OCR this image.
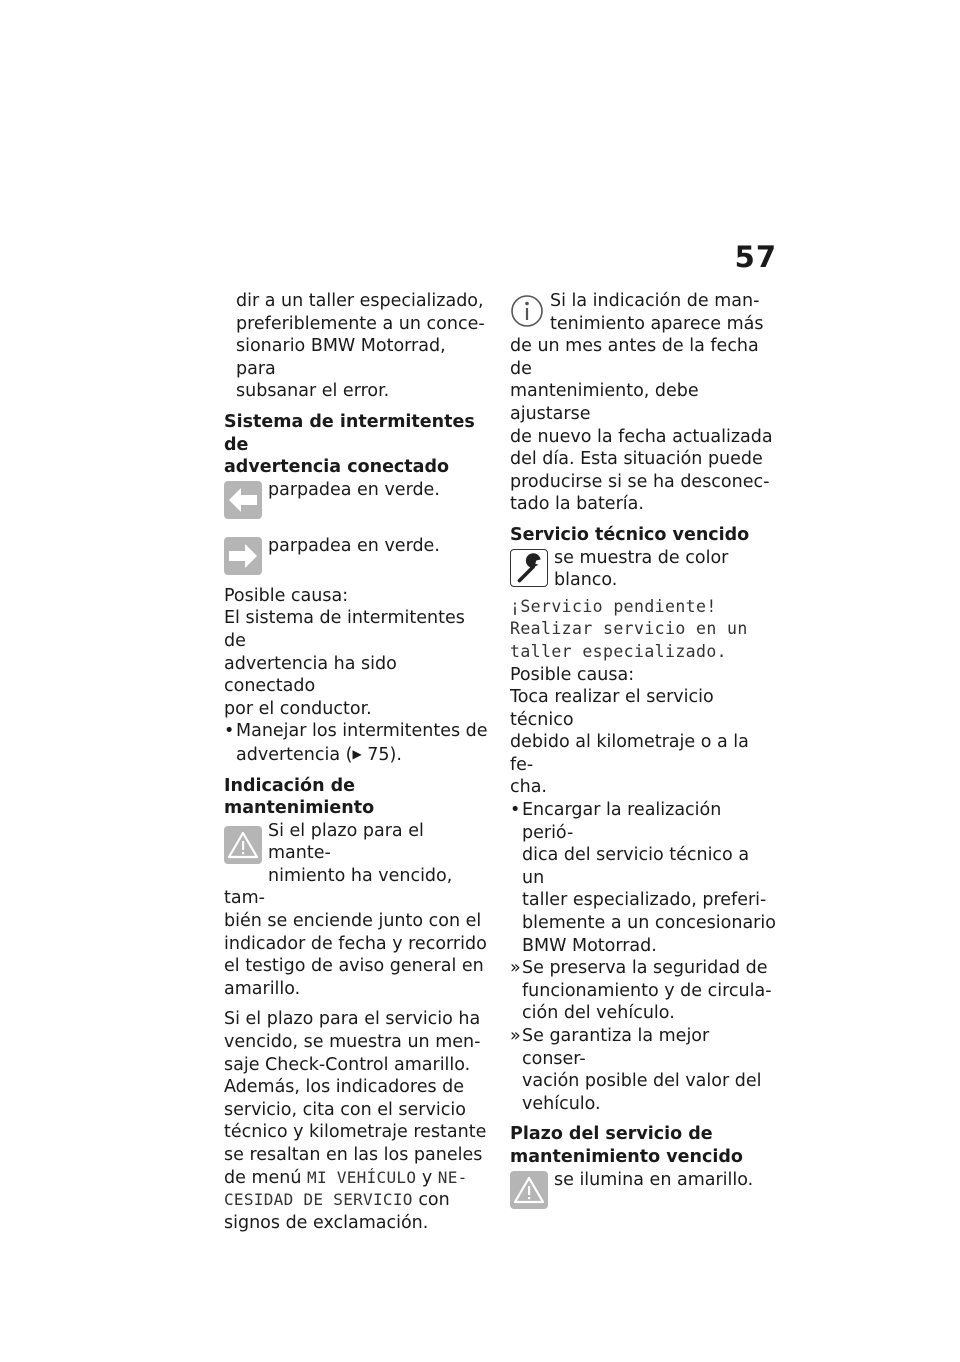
57

dir a un taller especializado,
preferiblemente a un conce-
sionario BMW Motorrad, para
subsanar el error.

Sistema de intermitentes de
advertencia conectado
parpadea en verde.
parpadea en verde.

Posible causa:
El sistema de intermitentes de
advertencia ha sido conectado
por el conductor.

• Manejar los intermitentes de
advertencia (▶ 75).
Indicación de mantenimiento
Si el plazo para el mante-
nimiento ha vencido, tam-
bién se enciende junto con el
indicador de fecha y recorrido
el testigo de aviso general en
amarillo.

Si el plazo para el servicio ha
vencido, se muestra un men-
saje Check-Control amarillo.
Además, los indicadores de
servicio, cita con el servicio
técnico y kilometraje restante
se resaltan en las los paneles
de menú MI VEHÍCULO y NE-
CESIDAD DE SERVICIO con
signos de exclamación.

Si la indicación de man-
tenimiento aparece más
de un mes antes de la fecha de
mantenimiento, debe ajustarse
de nuevo la fecha actualizada
del día. Esta situación puede
producirse si se ha desconec-
tado la batería.
Servicio técnico vencido
se muestra de color
blanco.

¡Servicio pendiente!

Realizar servicio en un

taller especializado.

Posible causa:
Toca realizar el servicio técnico
debido al kilometraje o a la fe-
cha.

• Encargar la realización perió-
dica del servicio técnico a un
taller especializado, preferi-
blemente a un concesionario
BMW Motorrad.
» Se preserva la seguridad de
funcionamiento y de circula-
ción del vehículo.
» Se garantiza la mejor conser-
vación posible del valor del
vehículo.
Plazo del servicio de
mantenimiento vencido
se ilumina en amarillo.
